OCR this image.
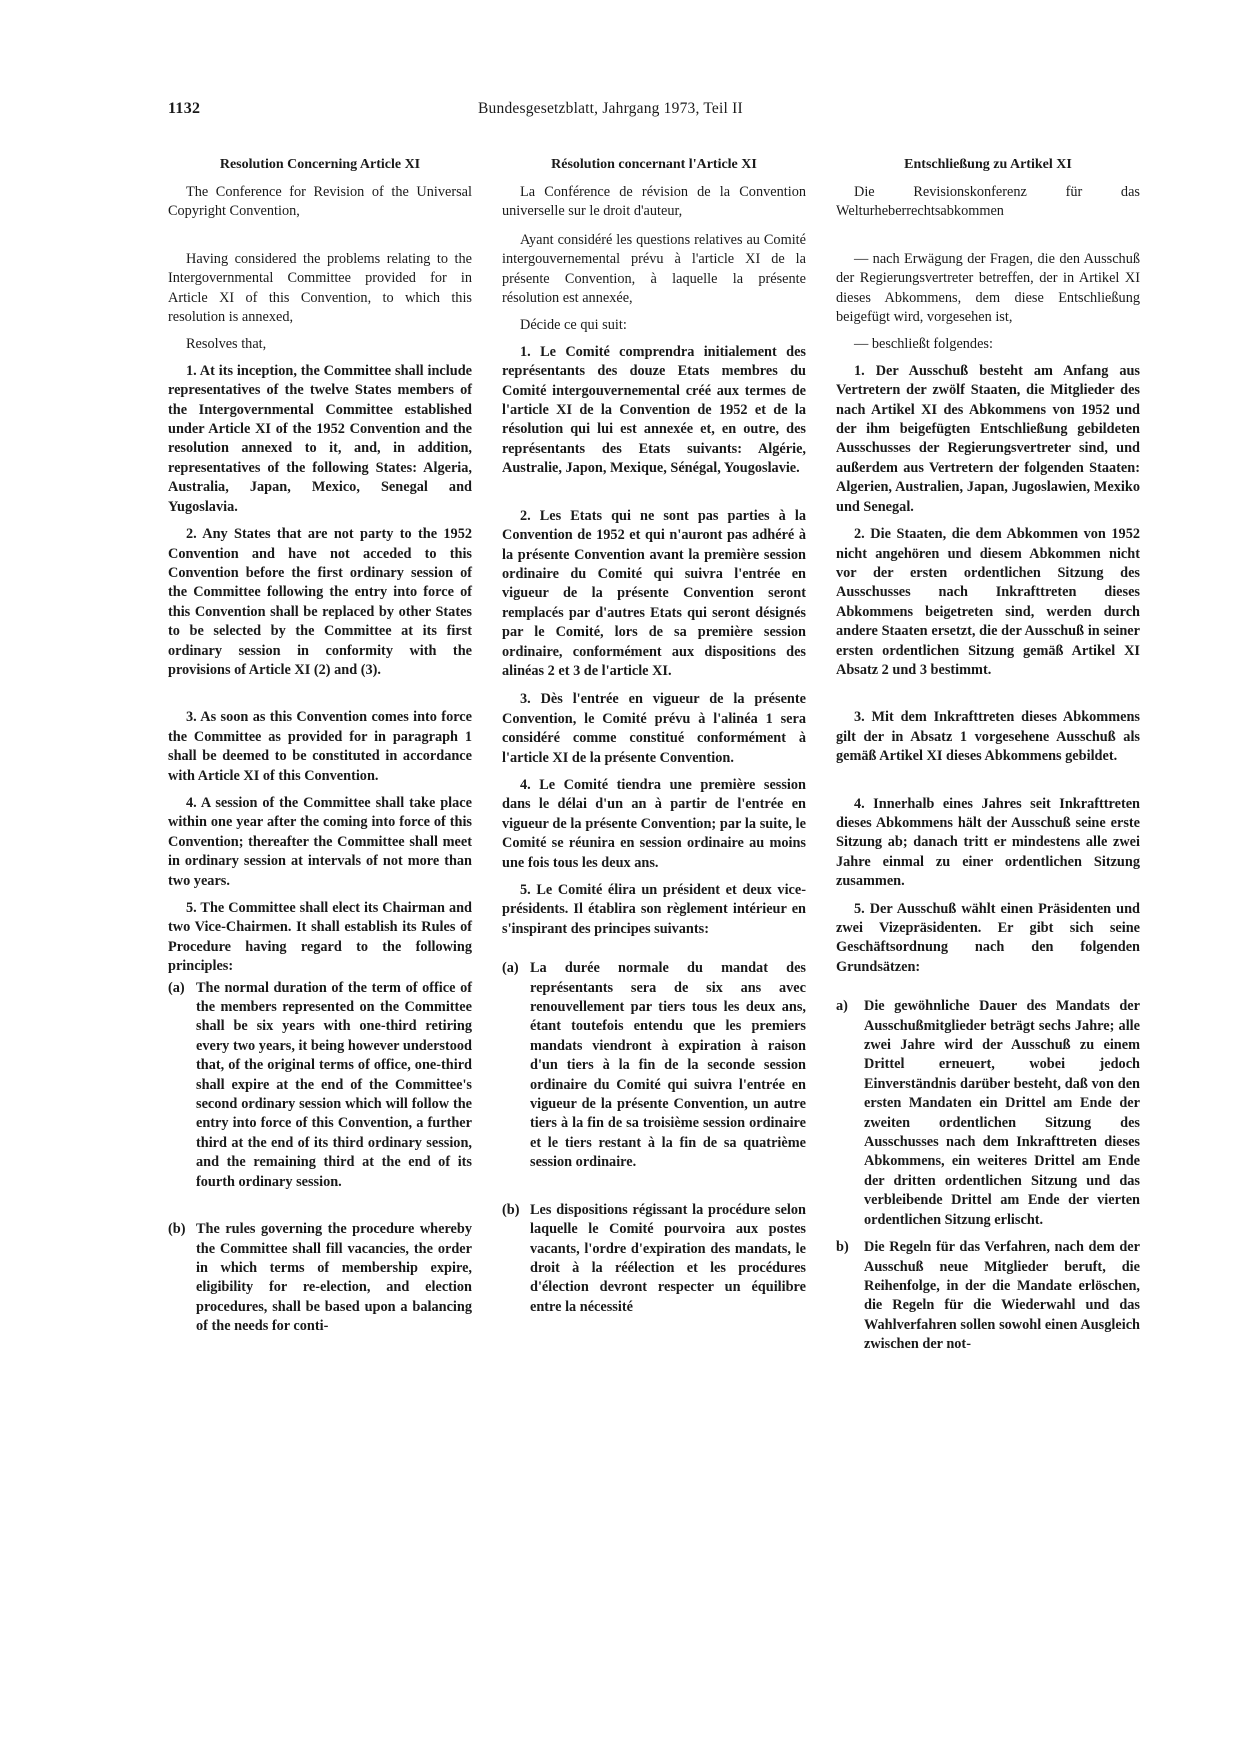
1132	Bundesgesetzblatt, Jahrgang 1973, Teil II
Resolution Concerning Article XI

The Conference for Revision of the Universal Copyright Convention,

Having considered the problems relating to the Intergovernmental Committee provided for in Article XI of this Convention, to which this resolution is annexed,

Resolves that,

1. At its inception, the Committee shall include representatives of the twelve States members of the Intergovernmental Committee established under Article XI of the 1952 Convention and the resolution annexed to it, and, in addition, representatives of the following States: Algeria, Australia, Japan, Mexico, Senegal and Yugoslavia.

2. Any States that are not party to the 1952 Convention and have not acceded to this Convention before the first ordinary session of the Committee following the entry into force of this Convention shall be replaced by other States to be selected by the Committee at its first ordinary session in conformity with the provisions of Article XI (2) and (3).

3. As soon as this Convention comes into force the Committee as provided for in paragraph 1 shall be deemed to be constituted in accordance with Article XI of this Convention.

4. A session of the Committee shall take place within one year after the coming into force of this Convention; thereafter the Committee shall meet in ordinary session at intervals of not more than two years.

5. The Committee shall elect its Chairman and two Vice-Chairmen. It shall establish its Rules of Procedure having regard to the following principles:

(a) The normal duration of the term of office of the members represented on the Committee shall be six years with one-third retiring every two years, it being however understood that, of the original terms of office, one-third shall expire at the end of the Committee's second ordinary session which will follow the entry into force of this Convention, a further third at the end of its third ordinary session, and the remaining third at the end of its fourth ordinary session.
(b) The rules governing the procedure whereby the Committee shall fill vacancies, the order in which terms of membership expire, eligibility for re-election, and election procedures, shall be based upon a balancing of the needs for conti-
Résolution concernant l'Article XI

La Conférence de révision de la Convention universelle sur le droit d'auteur,

Ayant considéré les questions relatives au Comité intergouvernemental prévu à l'article XI de la présente Convention, à laquelle la présente résolution est annexée,

Décide ce qui suit:

1. Le Comité comprendra initialement des représentants des douze Etats membres du Comité intergouvernemental créé aux termes de l'article XI de la Convention de 1952 et de la résolution qui lui est annexée et, en outre, des représentants des Etats suivants: Algérie, Australie, Japon, Mexique, Sénégal, Yougoslavie.

2. Les Etats qui ne sont pas parties à la Convention de 1952 et qui n'auront pas adhéré à la présente Convention avant la première session ordinaire du Comité qui suivra l'entrée en vigueur de la présente Convention seront remplacés par d'autres Etats qui seront désignés par le Comité, lors de sa première session ordinaire, conformément aux dispositions des alinéas 2 et 3 de l'article XI.

3. Dès l'entrée en vigueur de la présente Convention, le Comité prévu à l'alinéa 1 sera considéré comme constitué conformément à l'article XI de la présente Convention.

4. Le Comité tiendra une première session dans le délai d'un an à partir de l'entrée en vigueur de la présente Convention; par la suite, le Comité se réunira en session ordinaire au moins une fois tous les deux ans.

5. Le Comité élira un président et deux vice-présidents. Il établira son règlement intérieur en s'inspirant des principes suivants:

(a) La durée normale du mandat des représentants sera de six ans avec renouvellement par tiers tous les deux ans, étant toutefois entendu que les premiers mandats viendront à expiration à raison d'un tiers à la fin de la seconde session ordinaire du Comité qui suivra l'entrée en vigueur de la présente Convention, un autre tiers à la fin de sa troisième session ordinaire et le tiers restant à la fin de sa quatrième session ordinaire.
(b) Les dispositions régissant la procédure selon laquelle le Comité pourvoira aux postes vacants, l'ordre d'expiration des mandats, le droit à la réélection et les procédures d'élection devront respecter un équilibre entre la nécessité
Entschließung zu Artikel XI

Die Revisionskonferenz für das Welturheberrechtsabkommen

— nach Erwägung der Fragen, die den Ausschuß der Regierungsvertreter betreffen, der in Artikel XI dieses Abkommens, dem diese Entschließung beigefügt wird, vorgesehen ist,

— beschließt folgendes:

1. Der Ausschuß besteht am Anfang aus Vertretern der zwölf Staaten, die Mitglieder des nach Artikel XI des Abkommens von 1952 und der ihm beigefügten Entschließung gebildeten Ausschusses der Regierungsvertreter sind, und außerdem aus Vertretern der folgenden Staaten: Algerien, Australien, Japan, Jugoslawien, Mexiko und Senegal.

2. Die Staaten, die dem Abkommen von 1952 nicht angehören und diesem Abkommen nicht vor der ersten ordentlichen Sitzung des Ausschusses nach Inkrafttreten dieses Abkommens beigetreten sind, werden durch andere Staaten ersetzt, die der Ausschuß in seiner ersten ordentlichen Sitzung gemäß Artikel XI Absatz 2 und 3 bestimmt.

3. Mit dem Inkrafttreten dieses Abkommens gilt der in Absatz 1 vorgesehene Ausschuß als gemäß Artikel XI dieses Abkommens gebildet.

4. Innerhalb eines Jahres seit Inkrafttreten dieses Abkommens hält der Ausschuß seine erste Sitzung ab; danach tritt er mindestens alle zwei Jahre einmal zu einer ordentlichen Sitzung zusammen.

5. Der Ausschuß wählt einen Präsidenten und zwei Vizepräsidenten. Er gibt sich seine Geschäftsordnung nach den folgenden Grundsätzen:

a) Die gewöhnliche Dauer des Mandats der Ausschußmitglieder beträgt sechs Jahre; alle zwei Jahre wird der Ausschuß zu einem Drittel erneuert, wobei jedoch Einverständnis darüber besteht, daß von den ersten Mandaten ein Drittel am Ende der zweiten ordentlichen Sitzung des Ausschusses nach dem Inkrafttreten dieses Abkommens, ein weiteres Drittel am Ende der dritten ordentlichen Sitzung und das verbleibende Drittel am Ende der vierten ordentlichen Sitzung erlischt.
b) Die Regeln für das Verfahren, nach dem der Ausschuß neue Mitglieder beruft, die Reihenfolge, in der die Mandate erlöschen, die Regeln für die Wiederwahl und das Wahlverfahren sollen sowohl einen Ausgleich zwischen der not-
